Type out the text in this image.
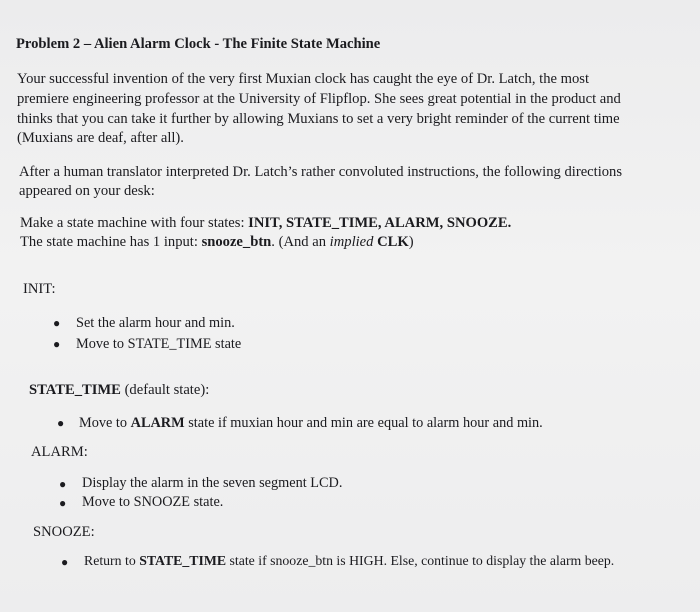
Problem 2 – Alien Alarm Clock - The Finite State Machine
Your successful invention of the very first Muxian clock has caught the eye of Dr. Latch, the most
premiere engineering professor at the University of Flipflop. She sees great potential in the product and
thinks that you can take it further by allowing Muxians to set a very bright reminder of the current time
(Muxians are deaf, after all).
After a human translator interpreted Dr. Latch’s rather convoluted instructions, the following directions
appeared on your desk:
Make a state machine with four states: INIT, STATE_TIME, ALARM, SNOOZE.
The state machine has 1 input: snooze_btn. (And an implied CLK)
INIT:
● Set the alarm hour and min.
● Move to STATE_TIME state
STATE_TIME (default state):
● Move to ALARM state if muxian hour and min are equal to alarm hour and min.
ALARM:
● Display the alarm in the seven segment LCD.
● Move to SNOOZE state.
SNOOZE:
● Return to STATE_TIME state if snooze_btn is HIGH. Else, continue to display the alarm beep.
